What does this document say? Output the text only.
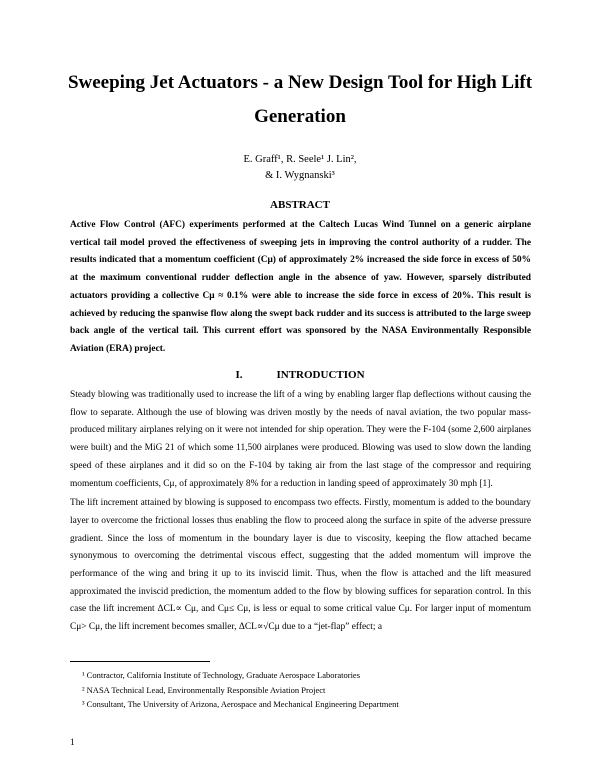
Sweeping Jet Actuators - a New Design Tool for High Lift Generation
E. Graff¹, R. Seele¹ J. Lin²,
& I. Wygnanski³
ABSTRACT
Active Flow Control (AFC) experiments performed at the Caltech Lucas Wind Tunnel on a generic airplane vertical tail model proved the effectiveness of sweeping jets in improving the control authority of a rudder. The results indicated that a momentum coefficient (Cμ) of approximately 2% increased the side force in excess of 50% at the maximum conventional rudder deflection angle in the absence of yaw. However, sparsely distributed actuators providing a collective Cμ ≈ 0.1% were able to increase the side force in excess of 20%. This result is achieved by reducing the spanwise flow along the swept back rudder and its success is attributed to the large sweep back angle of the vertical tail. This current effort was sponsored by the NASA Environmentally Responsible Aviation (ERA) project.
I.	INTRODUCTION

Steady blowing was traditionally used to increase the lift of a wing by enabling larger flap deflections without causing the flow to separate. Although the use of blowing was driven mostly by the needs of naval aviation, the two popular mass-produced military airplanes relying on it were not intended for ship operation. They were the F-104 (some 2,600 airplanes were built) and the MiG 21 of which some 11,500 airplanes were produced. Blowing was used to slow down the landing speed of these airplanes and it did so on the F-104 by taking air from the last stage of the compressor and requiring momentum coefficients, Cμ, of approximately 8% for a reduction in landing speed of approximately 30 mph [1].

The lift increment attained by blowing is supposed to encompass two effects. Firstly, momentum is added to the boundary layer to overcome the frictional losses thus enabling the flow to proceed along the surface in spite of the adverse pressure gradient. Since the loss of momentum in the boundary layer is due to viscosity, keeping the flow attached became synonymous to overcoming the detrimental viscous effect, suggesting that the added momentum will improve the performance of the wing and bring it up to its inviscid limit. Thus, when the flow is attached and the lift measured approximated the inviscid prediction, the momentum added to the flow by blowing suffices for separation control. In this case the lift increment ΔCL∝ Cμ, and Cμ≤ Cμ, is less or equal to some critical value Cμ. For larger input of momentum Cμ> Cμ, the lift increment becomes smaller, ΔCL∝√Cμ due to a “jet-flap” effect; a

¹ Contractor, California Institute of Technology, Graduate Aerospace Laboratories
² NASA Technical Lead, Environmentally Responsible Aviation Project
³ Consultant, The University of Arizona, Aerospace and Mechanical Engineering Department
1
